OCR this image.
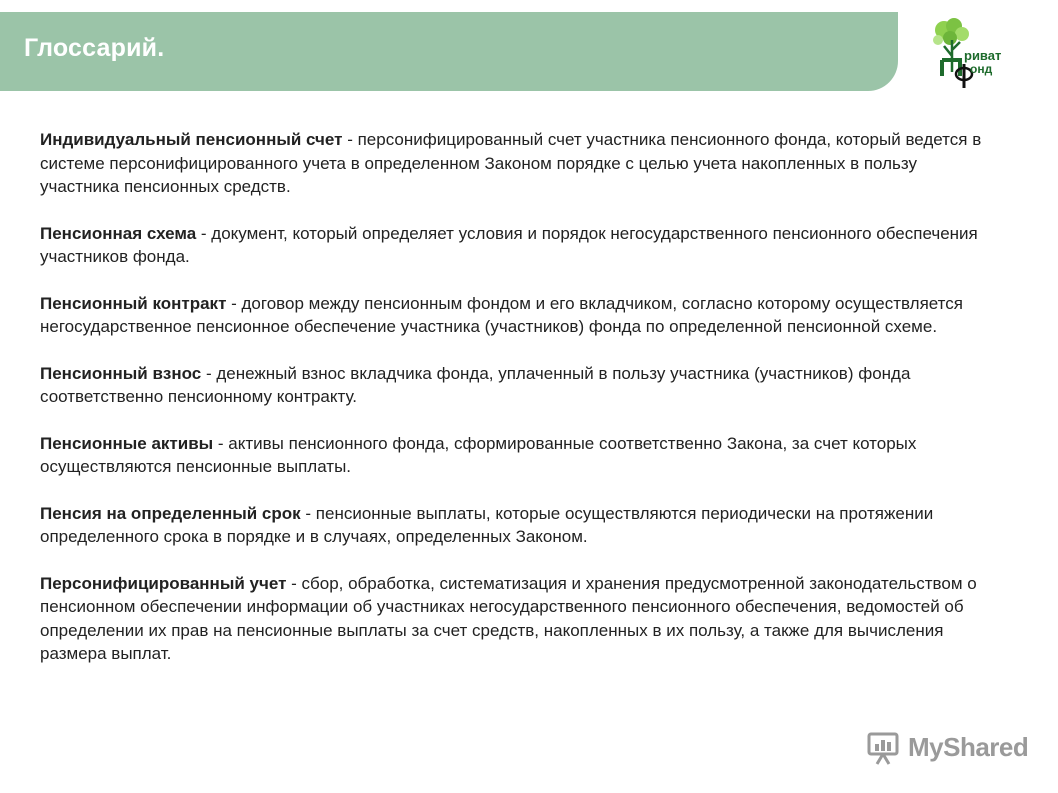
Глоссарий.	риват
онд

Индивидуальный пенсионный счет - персонифицированный счет участника пенсионного фонда, который ведется в системе персонифицированного учета в определенном Законом порядке с целью учета накопленных в пользу участника пенсионных средств.

Пенсионная схема - документ, который определяет условия и порядок негосударственного пенсионного обеспечения участников фонда.

Пенсионный контракт - договор между пенсионным фондом и его вкладчиком, согласно которому осуществляется негосударственное пенсионное обеспечение участника (участников) фонда по определенной пенсионной схеме.

Пенсионный взнос - денежный взнос вкладчика фонда, уплаченный в пользу участника (участников) фонда соответственно пенсионному контракту.

Пенсионные активы - активы пенсионного фонда, сформированные соответственно Закона, за счет которых осуществляются пенсионные выплаты.

Пенсия на определенный срок - пенсионные выплаты, которые осуществляются периодически на протяжении определенного срока в порядке и в случаях, определенных Законом.

Персонифицированный учет - сбор, обработка, систематизация и хранения предусмотренной законодательством о пенсионном обеспечении информации об участниках негосударственного пенсионного обеспечения, ведомостей об определении их прав на пенсионные выплаты за счет средств, накопленных в их пользу, а также для вычисления размера выплат.

MyShared
